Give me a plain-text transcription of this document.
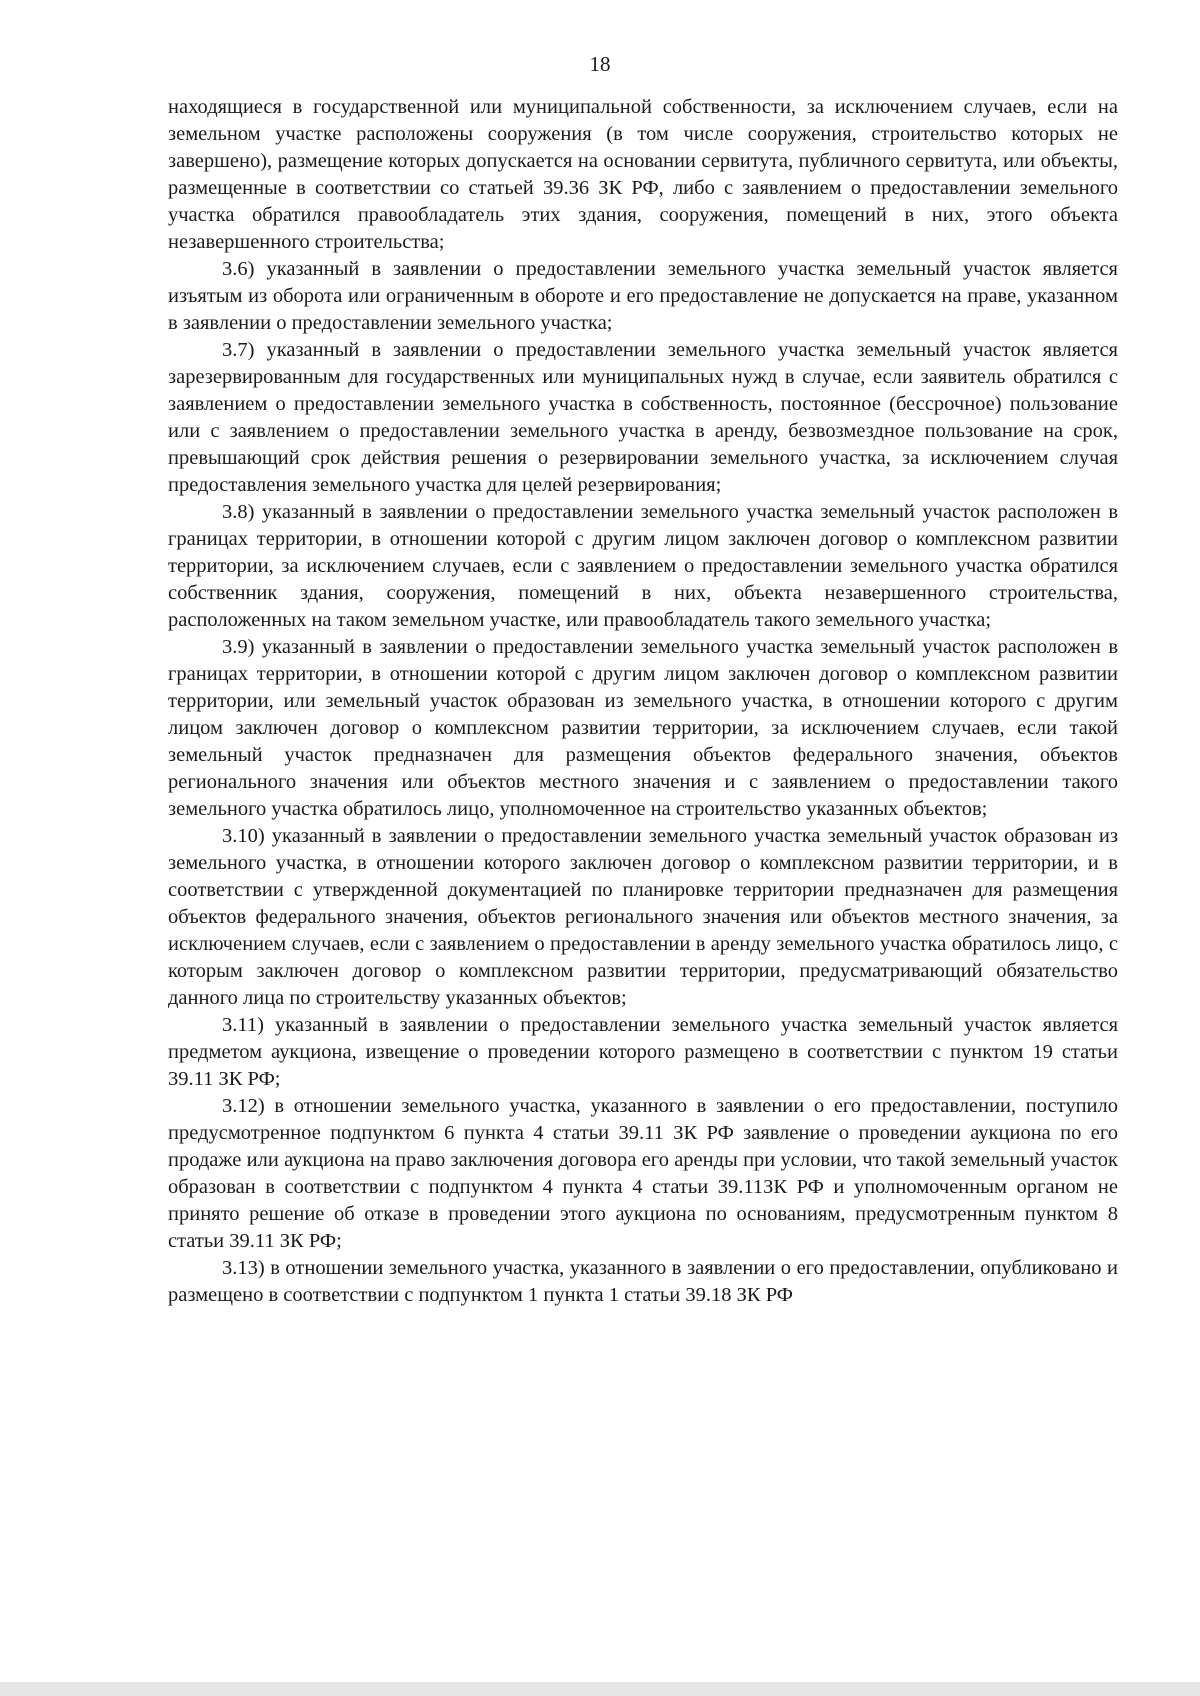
18

находящиеся в государственной или муниципальной собственности, за исключением случаев, если на земельном участке расположены сооружения (в том числе сооружения, строительство которых не завершено), размещение которых допускается на основании сервитута, публичного сервитута, или объекты, размещенные в соответствии со статьей 39.36 ЗК РФ, либо с заявлением о предоставлении земельного участка обратился правообладатель этих здания, сооружения, помещений в них, этого объекта незавершенного строительства;

3.6) указанный в заявлении о предоставлении земельного участка земельный участок является изъятым из оборота или ограниченным в обороте и его предоставление не допускается на праве, указанном в заявлении о предоставлении земельного участка;

3.7) указанный в заявлении о предоставлении земельного участка земельный участок является зарезервированным для государственных или муниципальных нужд в случае, если заявитель обратился с заявлением о предоставлении земельного участка в собственность, постоянное (бессрочное) пользование или с заявлением о предоставлении земельного участка в аренду, безвозмездное пользование на срок, превышающий срок действия решения о резервировании земельного участка, за исключением случая предоставления земельного участка для целей резервирования;

3.8) указанный в заявлении о предоставлении земельного участка земельный участок расположен в границах территории, в отношении которой с другим лицом заключен договор о комплексном развитии территории, за исключением случаев, если с заявлением о предоставлении земельного участка обратился собственник здания, сооружения, помещений в них, объекта незавершенного строительства, расположенных на таком земельном участке, или правообладатель такого земельного участка;

3.9) указанный в заявлении о предоставлении земельного участка земельный участок расположен в границах территории, в отношении которой с другим лицом заключен договор о комплексном развитии территории, или земельный участок образован из земельного участка, в отношении которого с другим лицом заключен договор о комплексном развитии территории, за исключением случаев, если такой земельный участок предназначен для размещения объектов федерального значения, объектов регионального значения или объектов местного значения и с заявлением о предоставлении такого земельного участка обратилось лицо, уполномоченное на строительство указанных объектов;

3.10) указанный в заявлении о предоставлении земельного участка земельный участок образован из земельного участка, в отношении которого заключен договор о комплексном развитии территории, и в соответствии с утвержденной документацией по планировке территории предназначен для размещения объектов федерального значения, объектов регионального значения или объектов местного значения, за исключением случаев, если с заявлением о предоставлении в аренду земельного участка обратилось лицо, с которым заключен договор о комплексном развитии территории, предусматривающий обязательство данного лица по строительству указанных объектов;

3.11) указанный в заявлении о предоставлении земельного участка земельный участок является предметом аукциона, извещение о проведении которого размещено в соответствии с пунктом 19 статьи 39.11 ЗК РФ;

3.12) в отношении земельного участка, указанного в заявлении о его предоставлении, поступило предусмотренное подпунктом 6 пункта 4 статьи 39.11 ЗК РФ заявление о проведении аукциона по его продаже или аукциона на право заключения договора его аренды при условии, что такой земельный участок образован в соответствии с подпунктом 4 пункта 4 статьи 39.11ЗК РФ и уполномоченным органом не принято решение об отказе в проведении этого аукциона по основаниям, предусмотренным пунктом 8 статьи 39.11 ЗК РФ;

3.13) в отношении земельного участка, указанного в заявлении о его предоставлении, опубликовано и размещено в соответствии с подпунктом 1 пункта 1 статьи 39.18 ЗК РФ
